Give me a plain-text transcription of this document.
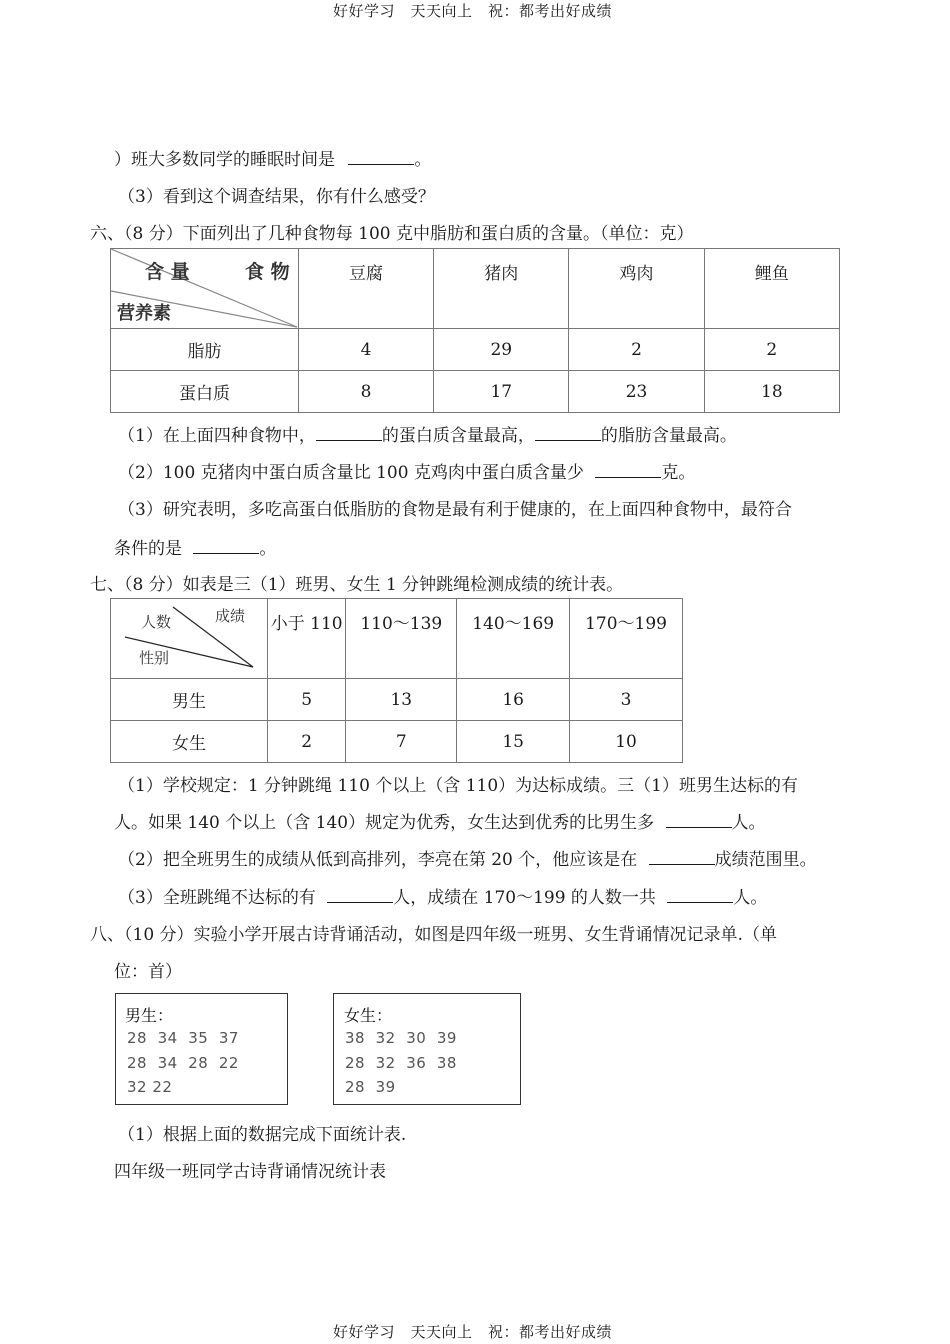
好好学习　天天向上　祝：都考出好成绩
好好学习　天天向上　祝：都考出好成绩
）班大多数同学的睡眠时间是	。
（3）看到这个调查结果，你有什么感受？
六、（8 分）下面列出了几种食物每 100 克中脂肪和蛋白质的含量。（单位：克）
含 量 食 物
营养素	豆腐	猪肉	鸡肉	鲤鱼
脂肪	4	29	2	2
蛋白质	8	17	23	18
（1）在上面四种食物中，	的蛋白质含量最高，	的脂肪含量最高。
（2）100 克猪肉中蛋白质含量比 100 克鸡肉中蛋白质含量少	克。
（3）研究表明，多吃高蛋白低脂肪的食物是最有利于健康的，在上面四种食物中，最符合
条件的是	。
七、（8 分）如表是三（1）班男、女生 1 分钟跳绳检测成绩的统计表。
人数 成绩
性别	小于 110	110～139	140～169	170～199
男生	5	13	16	3
女生	2	7	15	10
（1）学校规定：1 分钟跳绳 110 个以上（含 110）为达标成绩。三（1）班男生达标的有
人。如果 140 个以上（含 140）规定为优秀，女生达到优秀的比男生多	人。
（2）把全班男生的成绩从低到高排列，李亮在第 20 个，他应该是在	成绩范围里。
（3）全班跳绳不达标的有	人，成绩在 170～199 的人数一共	人。
八、（10 分）实验小学开展古诗背诵活动，如图是四年级一班男、女生背诵情况记录单.（单
位：首）
男生：
28  34  35  37
28  34  28  22
32 22
女生：
38  32  30  39
28  32  36  38
28  39
（1）根据上面的数据完成下面统计表.
四年级一班同学古诗背诵情况统计表
